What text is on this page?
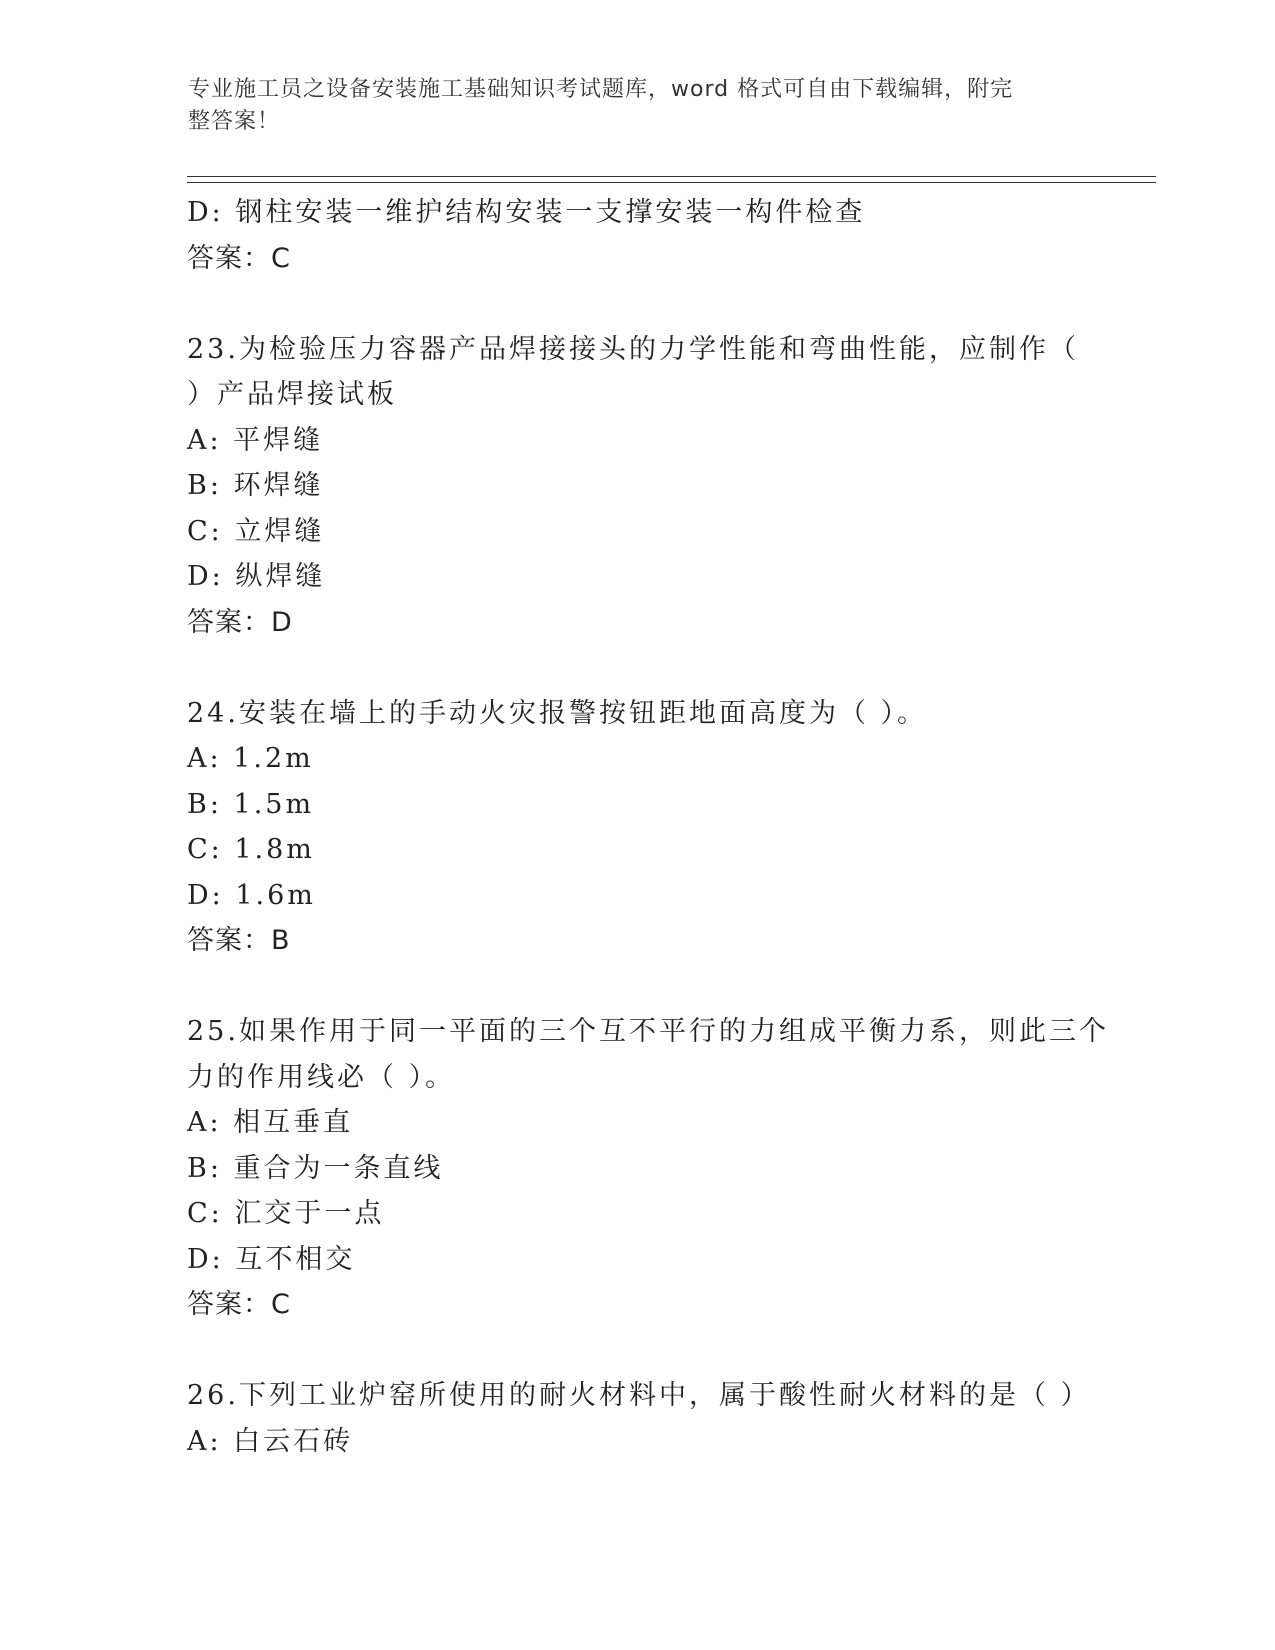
专业施工员之设备安装施工基础知识考试题库，word 格式可自由下载编辑，附完
整答案！
D: 钢柱安装一维护结构安装一支撑安装一构件检查
答案：C
23.为检验压力容器产品焊接接头的力学性能和弯曲性能，应制作（
）产品焊接试板
A: 平焊缝
B: 环焊缝
C: 立焊缝
D: 纵焊缝
答案：D
24.安装在墙上的手动火灾报警按钮距地面高度为（ ）。
A: 1.2m
B: 1.5m
C: 1.8m
D: 1.6m
答案：B
25.如果作用于同一平面的三个互不平行的力组成平衡力系，则此三个
力的作用线必（ ）。
A: 相互垂直
B: 重合为一条直线
C: 汇交于一点
D: 互不相交
答案：C
26.下列工业炉窑所使用的耐火材料中，属于酸性耐火材料的是（ ）
A: 白云石砖
